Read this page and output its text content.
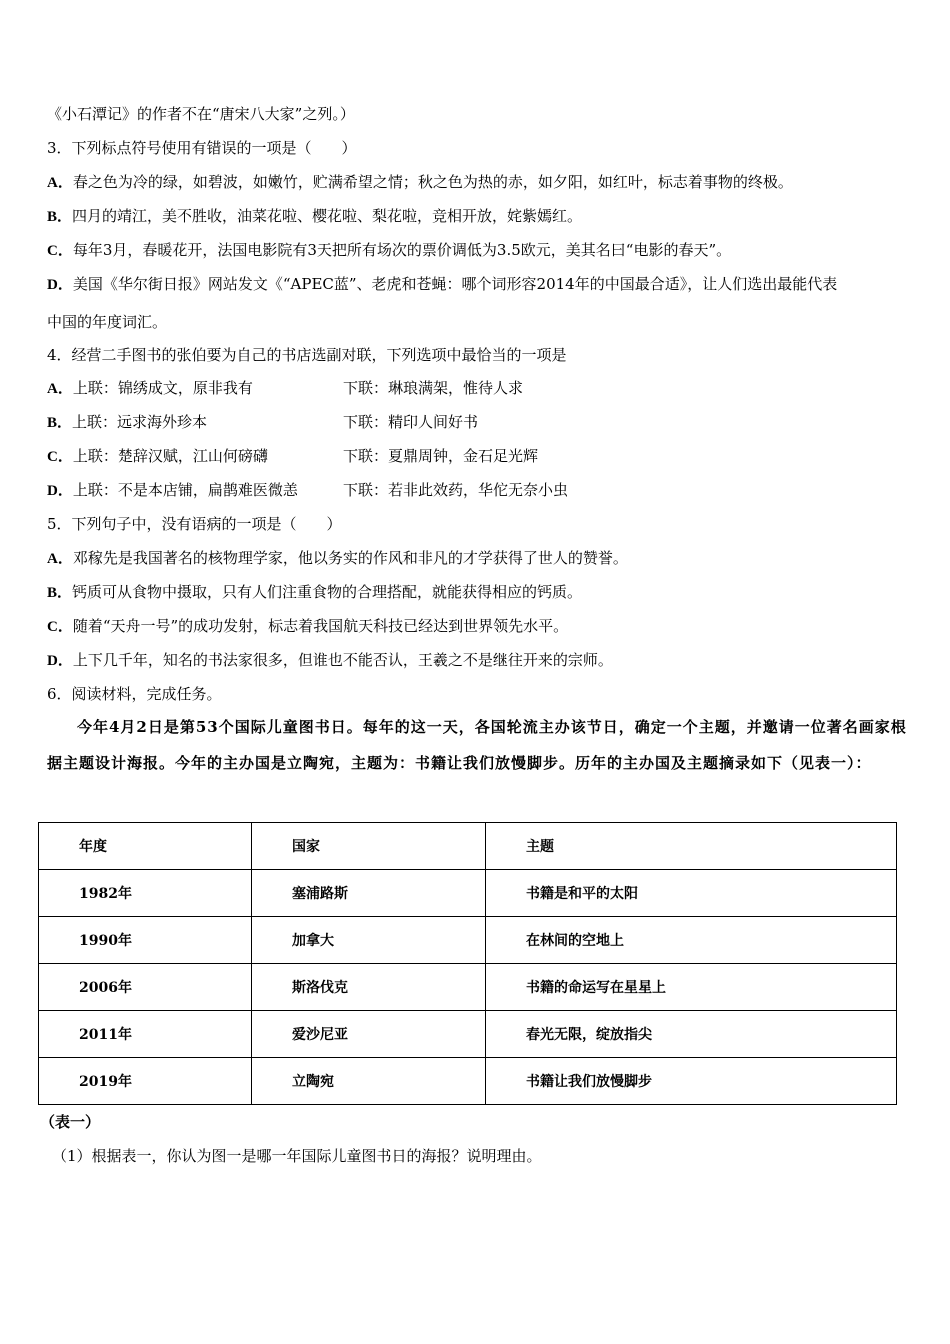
《小石潭记》的作者不在“唐宋八大家”之列。）
3．下列标点符号使用有错误的一项是（　　）
A．春之色为冷的绿，如碧波，如嫩竹，贮满希望之情；秋之色为热的赤，如夕阳，如红叶，标志着事物的终极。
B．四月的靖江，美不胜收，油菜花啦、樱花啦、梨花啦，竞相开放，姹紫嫣红。
C．每年3月，春暖花开，法国电影院有3天把所有场次的票价调低为3.5欧元，美其名曰“电影的春天”。
D．美国《华尔街日报》网站发文《“APEC蓝”、老虎和苍蝇：哪个词形容2014年的中国最合适》，让人们选出最能代表
中国的年度词汇。
4．经营二手图书的张伯要为自己的书店选副对联，下列选项中最恰当的一项是
A．上联：锦绣成文，原非我有	下联：琳琅满架，惟待人求
B．上联：远求海外珍本	下联：精印人间好书
C．上联：楚辞汉赋，江山何磅礴	下联：夏鼎周钟，金石足光辉
D．上联：不是本店铺，扁鹊难医微恙	下联：若非此效药，华佗无奈小虫
5．下列句子中，没有语病的一项是（　　）
A．邓稼先是我国著名的核物理学家，他以务实的作风和非凡的才学获得了世人的赞誉。
B．钙质可从食物中摄取，只有人们注重食物的合理搭配，就能获得相应的钙质。
C．随着“天舟一号”的成功发射，标志着我国航天科技已经达到世界领先水平。
D．上下几千年，知名的书法家很多，但谁也不能否认，王羲之不是继往开来的宗师。
6．阅读材料，完成任务。
今年4月2日是第53个国际儿童图书日。每年的这一天，各国轮流主办该节日，确定一个主题，并邀请一位著名画家根据主题设计海报。今年的主办国是立陶宛，主题为：书籍让我们放慢脚步。历年的主办国及主题摘录如下（见表一）：
年度	国家	主题
1982年	塞浦路斯	书籍是和平的太阳
1990年	加拿大	在林间的空地上
2006年	斯洛伐克	书籍的命运写在星星上
2011年	爱沙尼亚	春光无限，绽放指尖
2019年	立陶宛	书籍让我们放慢脚步
（表一）
（1）根据表一，你认为图一是哪一年国际儿童图书日的海报？说明理由。
